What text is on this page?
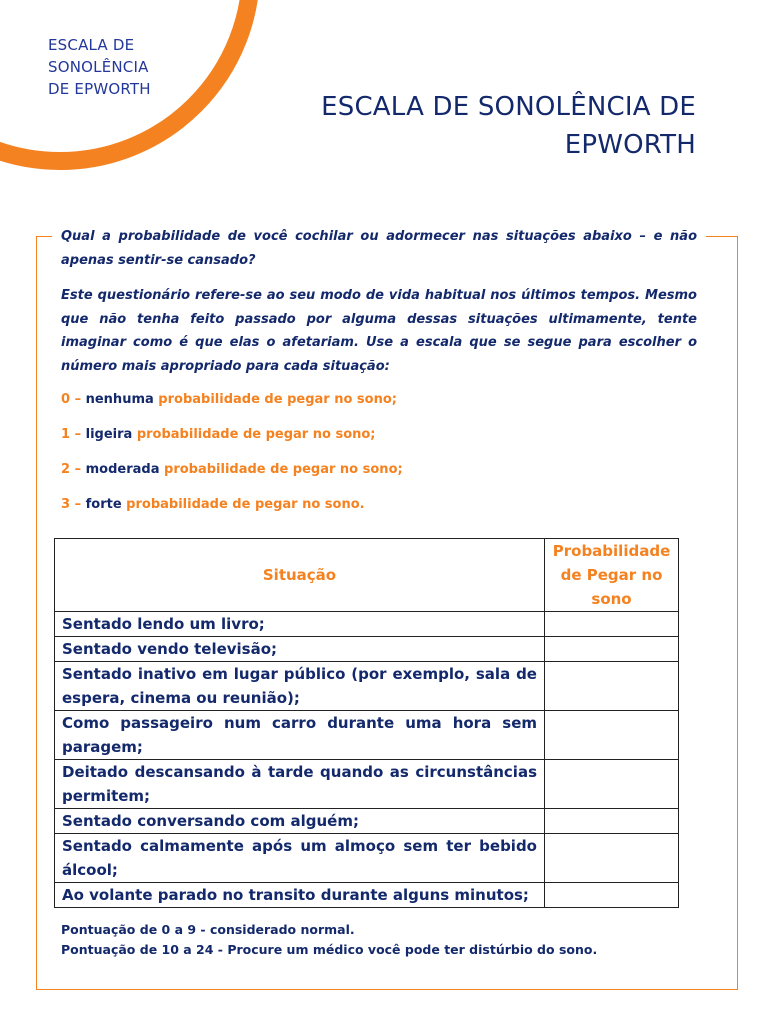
ESCALA DE
SONOLÊNCIA
DE EPWORTH
ESCALA DE SONOLÊNCIA DE
EPWORTH

Qual a probabilidade de você cochilar ou adormecer nas situações abaixo – e não apenas sentir-se cansado?

Este questionário refere-se ao seu modo de vida habitual nos últimos tempos. Mesmo que não tenha feito passado por alguma dessas situações ultimamente, tente imaginar como é que elas o afetariam. Use a escala que se segue para escolher o número mais apropriado para cada situação:

0 – nenhuma probabilidade de pegar no sono;

1 – ligeira probabilidade de pegar no sono;

2 – moderada probabilidade de pegar no sono;

3 – forte probabilidade de pegar no sono.

Situação	Probabilidade de Pegar no sono
Sentado lendo um livro;	
Sentado vendo televisão;	
Sentado inativo em lugar público (por exemplo, sala de espera, cinema ou reunião);	
Como passageiro num carro durante uma hora sem paragem;	
Deitado descansando à tarde quando as circunstâncias permitem;	
Sentado conversando com alguém;	
Sentado calmamente após um almoço sem ter bebido álcool;	
Ao volante parado no transito durante alguns minutos;	
Pontuação de 0 a 9 - considerado normal.
Pontuação de 10 a 24 - Procure um médico você pode ter distúrbio do sono.
